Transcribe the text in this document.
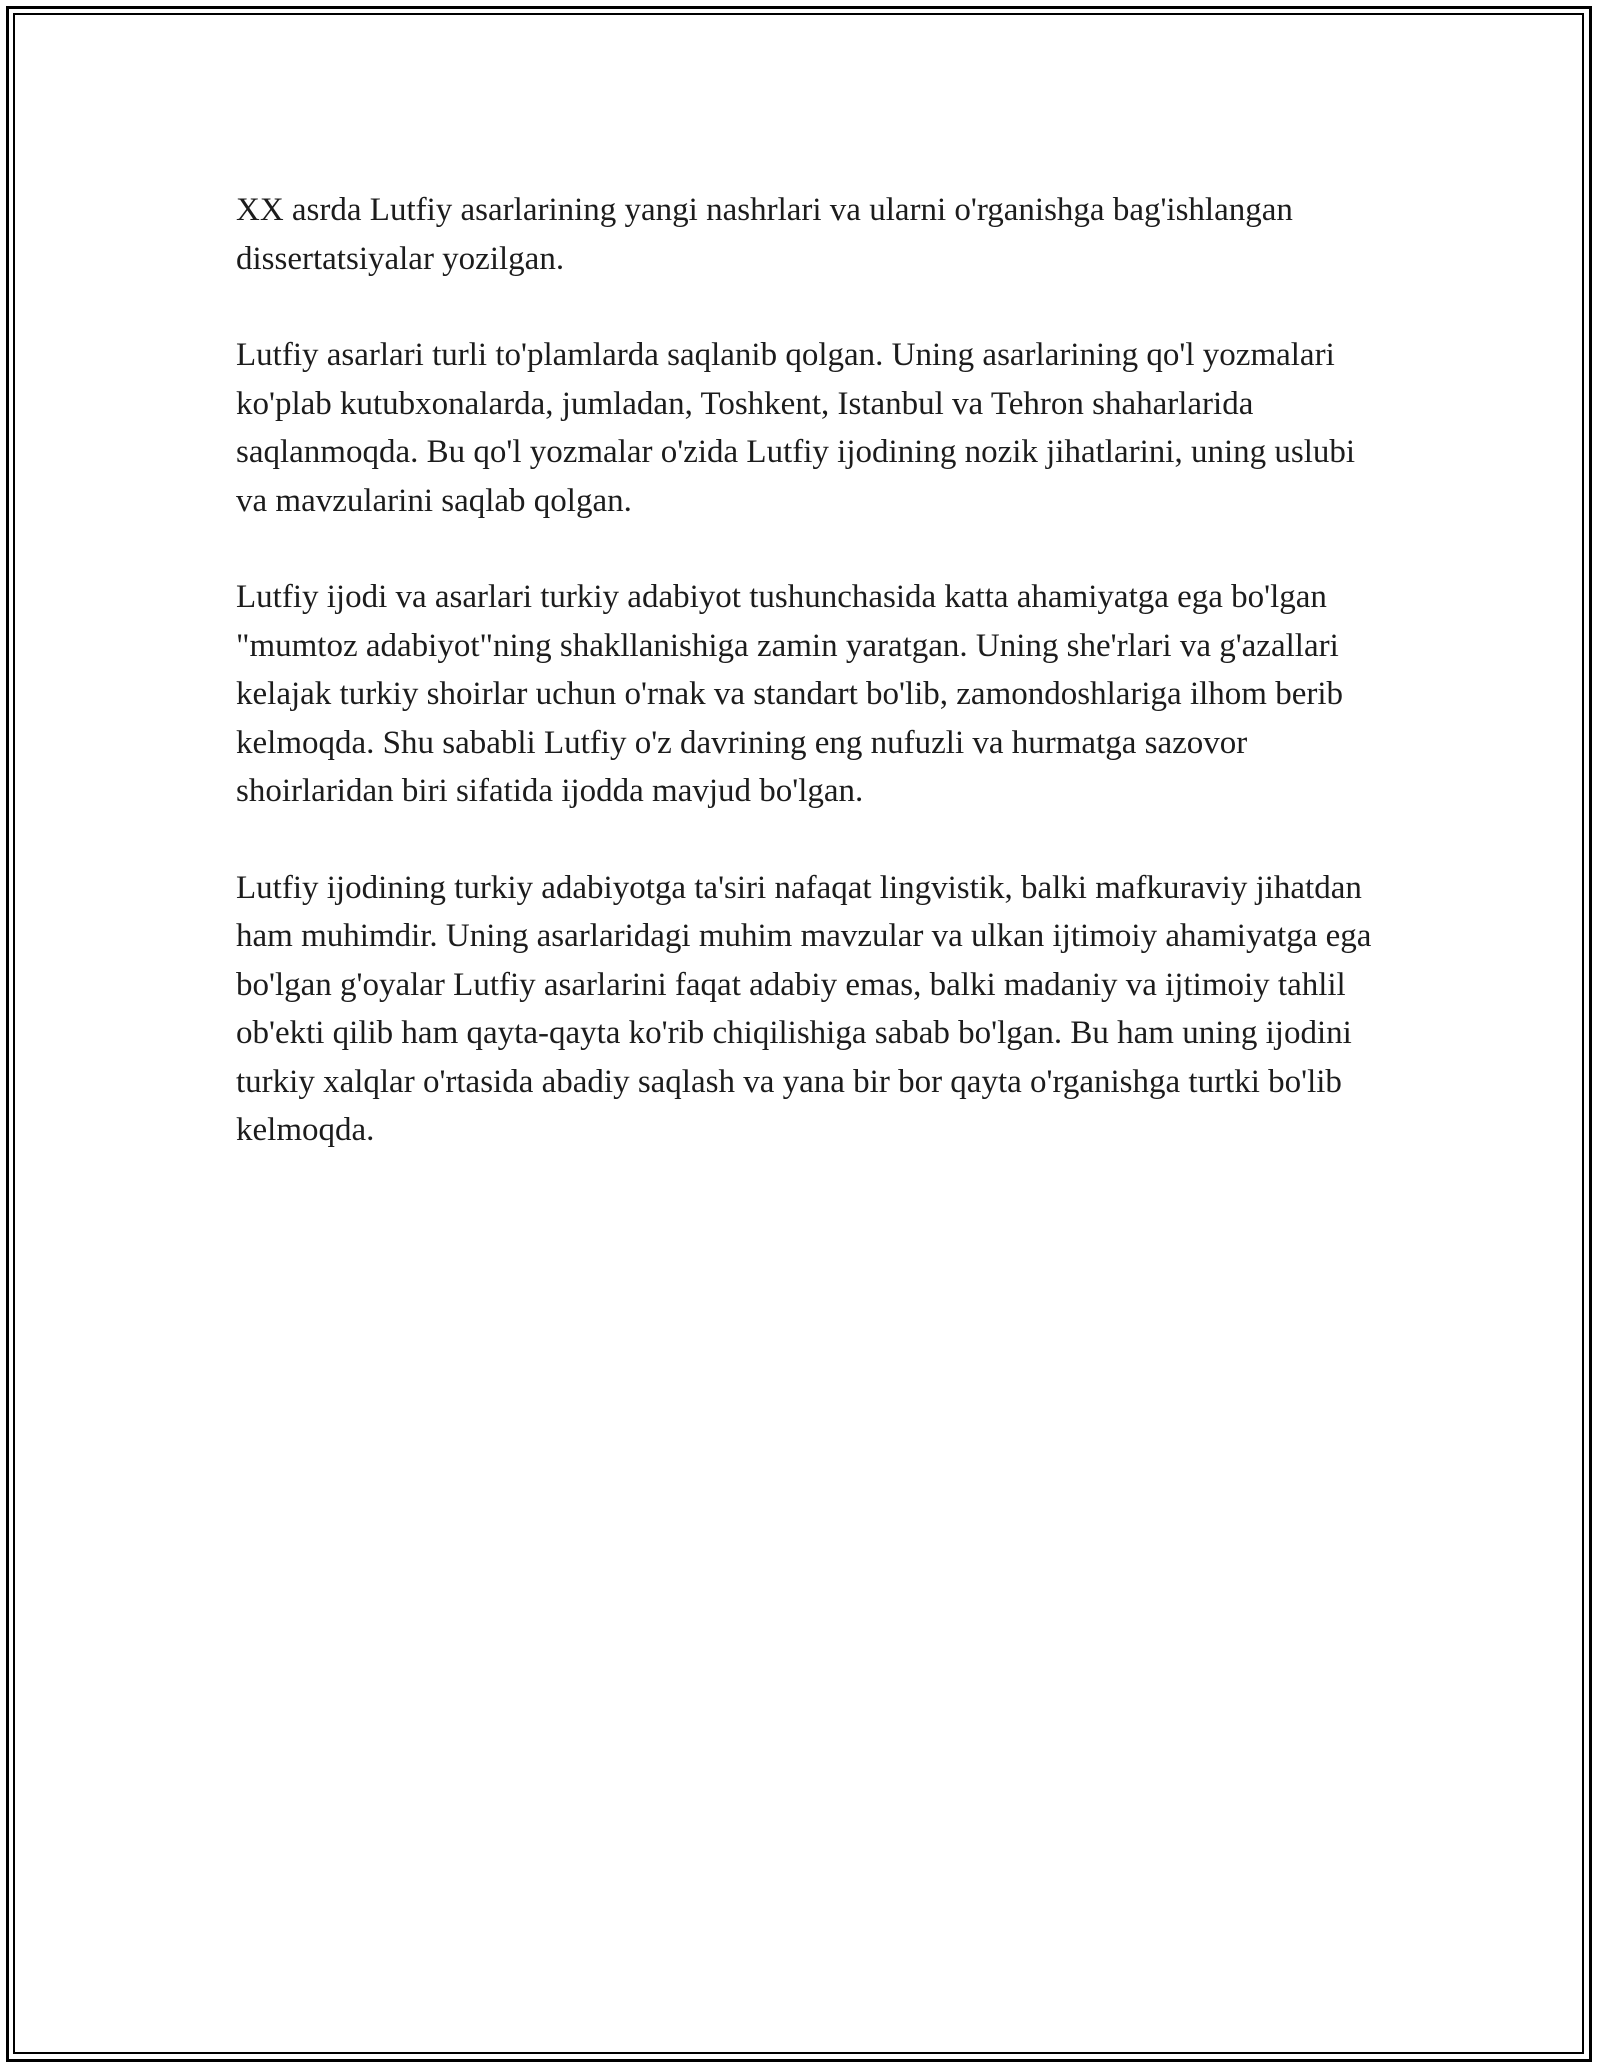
XX asrda Lutfiy asarlarining yangi nashrlari va ularni o'rganishga bag'ishlangan dissertatsiyalar yozilgan.

Lutfiy asarlari turli to'plamlarda saqlanib qolgan. Uning asarlarining qo'l yozmalari ko'plab kutubxonalarda, jumladan, Toshkent, Istanbul va Tehron shaharlarida saqlanmoqda. Bu qo'l yozmalar o'zida Lutfiy ijodining nozik jihatlarini, uning uslubi va mavzularini saqlab qolgan.

Lutfiy ijodi va asarlari turkiy adabiyot tushunchasida katta ahamiyatga ega bo'lgan "mumtoz adabiyot"ning shakllanishiga zamin yaratgan. Uning she'rlari va g'azallari kelajak turkiy shoirlar uchun o'rnak va standart bo'lib, zamondoshlariga ilhom berib kelmoqda. Shu sababli Lutfiy o'z davrining eng nufuzli va hurmatga sazovor shoirlaridan biri sifatida ijodda mavjud bo'lgan.

Lutfiy ijodining turkiy adabiyotga ta'siri nafaqat lingvistik, balki mafkuraviy jihatdan ham muhimdir. Uning asarlaridagi muhim mavzular va ulkan ijtimoiy ahamiyatga ega bo'lgan g'oyalar Lutfiy asarlarini faqat adabiy emas, balki madaniy va ijtimoiy tahlil ob'ekti qilib ham qayta-qayta ko'rib chiqilishiga sabab bo'lgan. Bu ham uning ijodini turkiy xalqlar o'rtasida abadiy saqlash va yana bir bor qayta o'rganishga turtki bo'lib kelmoqda.
